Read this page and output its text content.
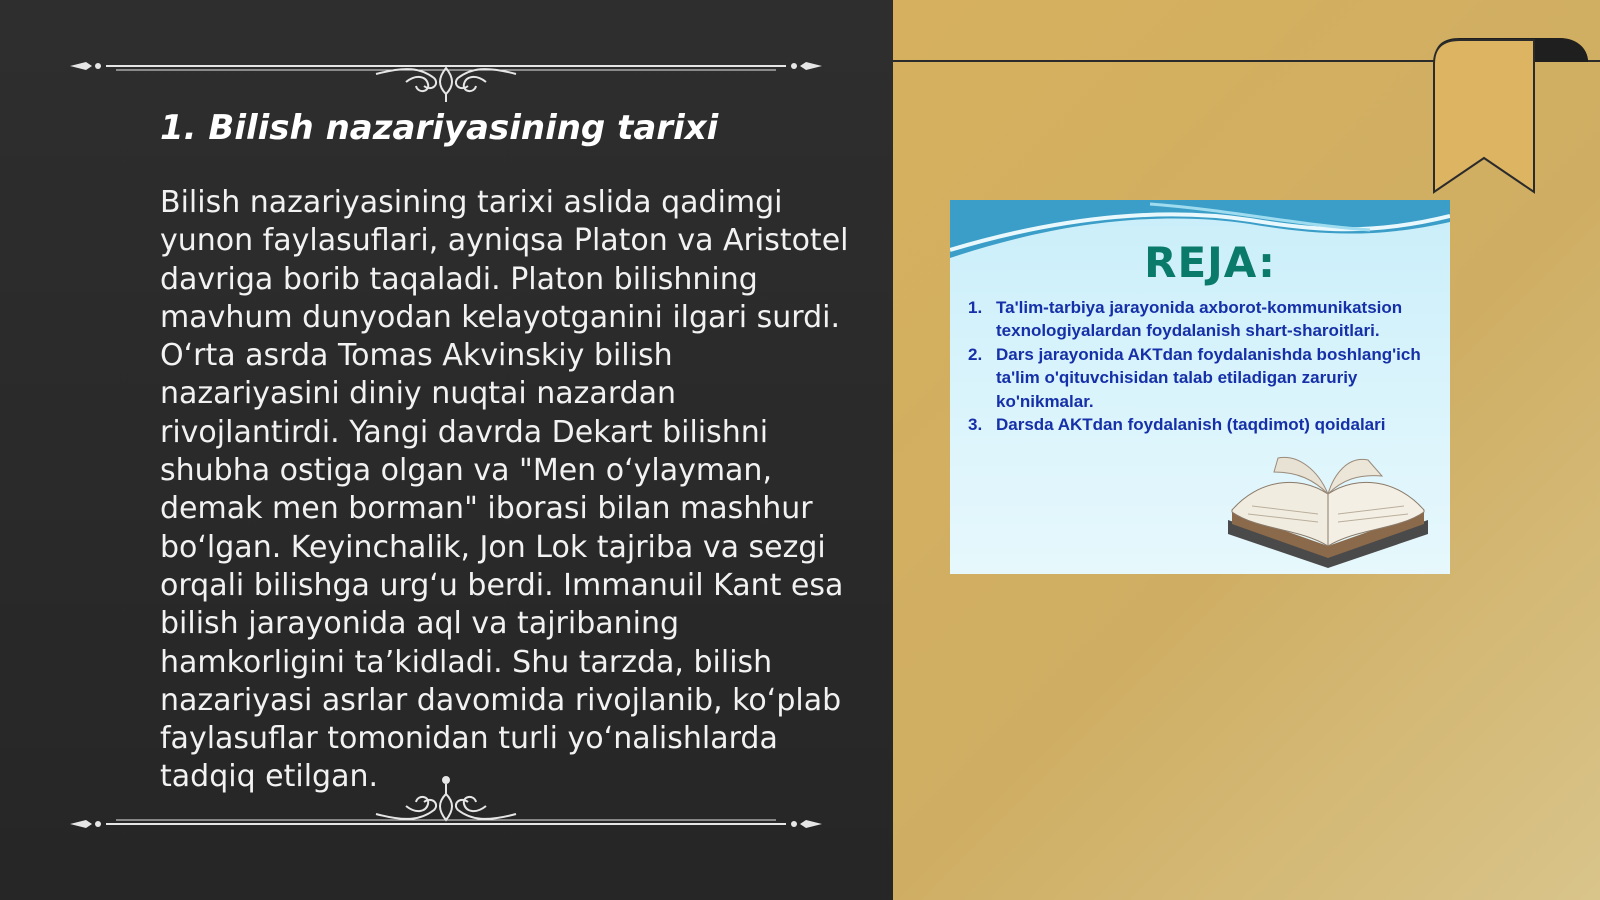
1. Bilish nazariyasining tarixi
Bilish nazariyasining tarixi aslida qadimgi yunon faylasuflari, ayniqsa Platon va Aristotel davriga borib taqaladi. Platon bilishning mavhum dunyodan kelayotganini ilgari surdi. O‘rta asrda Tomas Akvinskiy bilish nazariyasini diniy nuqtai nazardan rivojlantirdi. Yangi davrda Dekart bilishni shubha ostiga olgan va "Men o‘ylayman, demak men borman" iborasi bilan mashhur bo‘lgan. Keyinchalik, Jon Lok tajriba va sezgi orqali bilishga urg‘u berdi. Immanuil Kant esa bilish jarayonida aql va tajribaning hamkorligini ta’kidladi. Shu tarzda, bilish nazariyasi asrlar davomida rivojlanib, ko‘plab faylasuflar tomonidan turli yo‘nalishlarda tadqiq etilgan.
REJA:
1. Ta'lim-tarbiya jarayonida axborot-kommunikatsion texnologiyalardan foydalanish shart-sharoitlari.
2. Dars jarayonida AKTdan foydalanishda boshlang'ich ta'lim o'qituvchisidan talab etiladigan zaruriy ko'nikmalar.
3. Darsda AKTdan foydalanish (taqdimot) qoidalari
